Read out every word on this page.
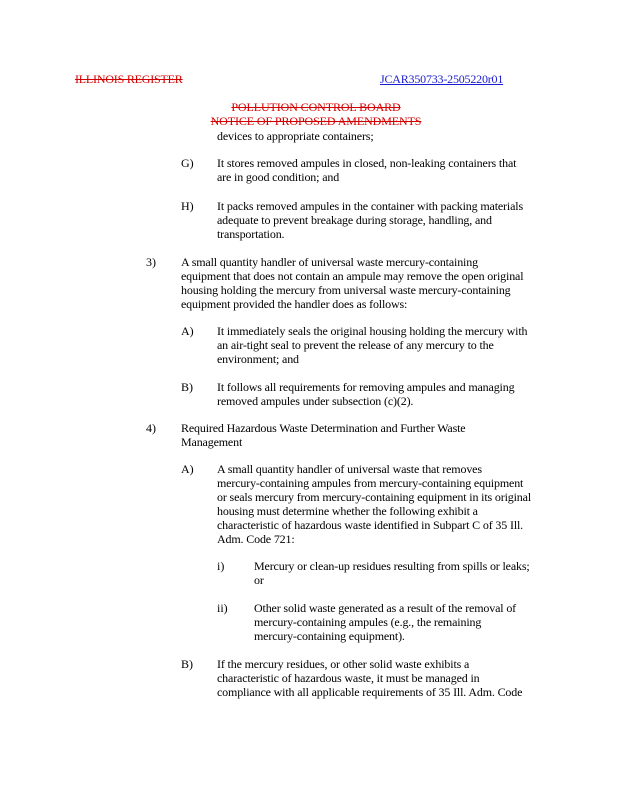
ILLINOIS REGISTER	JCAR350733-2505220r01
POLLUTION CONTROL BOARD
NOTICE OF PROPOSED AMENDMENTS
devices to appropriate containers;
G) It stores removed ampules in closed, non-leaking containers that
are in good condition; and
H) It packs removed ampules in the container with packing materials
adequate to prevent breakage during storage, handling, and
transportation.
3) A small quantity handler of universal waste mercury-containing
equipment that does not contain an ampule may remove the open original
housing holding the mercury from universal waste mercury-containing
equipment provided the handler does as follows:
A) It immediately seals the original housing holding the mercury with
an air-tight seal to prevent the release of any mercury to the
environment; and
B) It follows all requirements for removing ampules and managing
removed ampules under subsection (c)(2).
4) Required Hazardous Waste Determination and Further Waste
Management
A) A small quantity handler of universal waste that removes
mercury-containing ampules from mercury-containing equipment
or seals mercury from mercury-containing equipment in its original
housing must determine whether the following exhibit a
characteristic of hazardous waste identified in Subpart C of 35 Ill.
Adm. Code 721:
i) Mercury or clean-up residues resulting from spills or leaks;
or
ii) Other solid waste generated as a result of the removal of
mercury-containing ampules (e.g., the remaining
mercury-containing equipment).
B) If the mercury residues, or other solid waste exhibits a
characteristic of hazardous waste, it must be managed in
compliance with all applicable requirements of 35 Ill. Adm. Code
